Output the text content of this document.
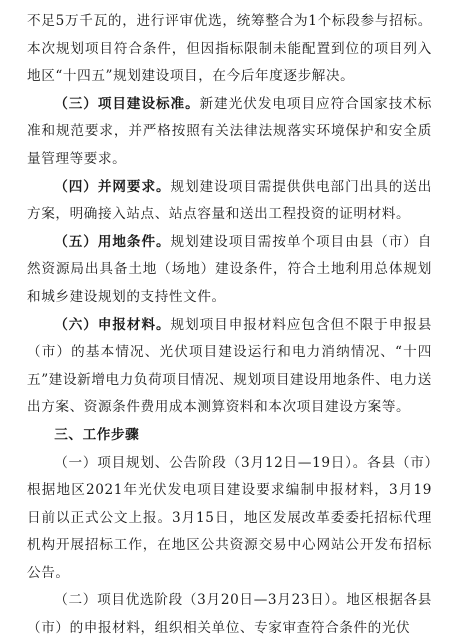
不足5万千瓦的，进行评审优选，统筹整合为1个标段参与招标。本次规划项目符合条件，但因指标限制未能配置到位的项目列入地区“十四五”规划建设项目，在今后年度逐步解决。

（三）项目建设标准。新建光伏发电项目应符合国家技术标准和规范要求，并严格按照有关法律法规落实环境保护和安全质量管理等要求。

（四）并网要求。规划建设项目需提供供电部门出具的送出方案，明确接入站点、站点容量和送出工程投资的证明材料。

（五）用地条件。规划建设项目需按单个项目由县（市）自然资源局出具备土地（场地）建设条件，符合土地利用总体规划和城乡建设规划的支持性文件。

（六）申报材料。规划项目申报材料应包含但不限于申报县（市）的基本情况、光伏项目建设运行和电力消纳情况、“十四五”建设新增电力负荷项目情况、规划项目建设用地条件、电力送出方案、资源条件费用成本测算资料和本次项目建设方案等。

三、工作步骤

（一）项目规划、公告阶段（3月12日—19日）。各县（市）根据地区2021年光伏发电项目建设要求编制申报材料，3月19日前以正式公文上报。3月15日，地区发展改革委委托招标代理机构开展招标工作，在地区公共资源交易中心网站公开发布招标公告。

（二）项目优选阶段（3月20日—3月23日）。地区根据各县（市）的申报材料，组织相关单位、专家审查符合条件的光伏
